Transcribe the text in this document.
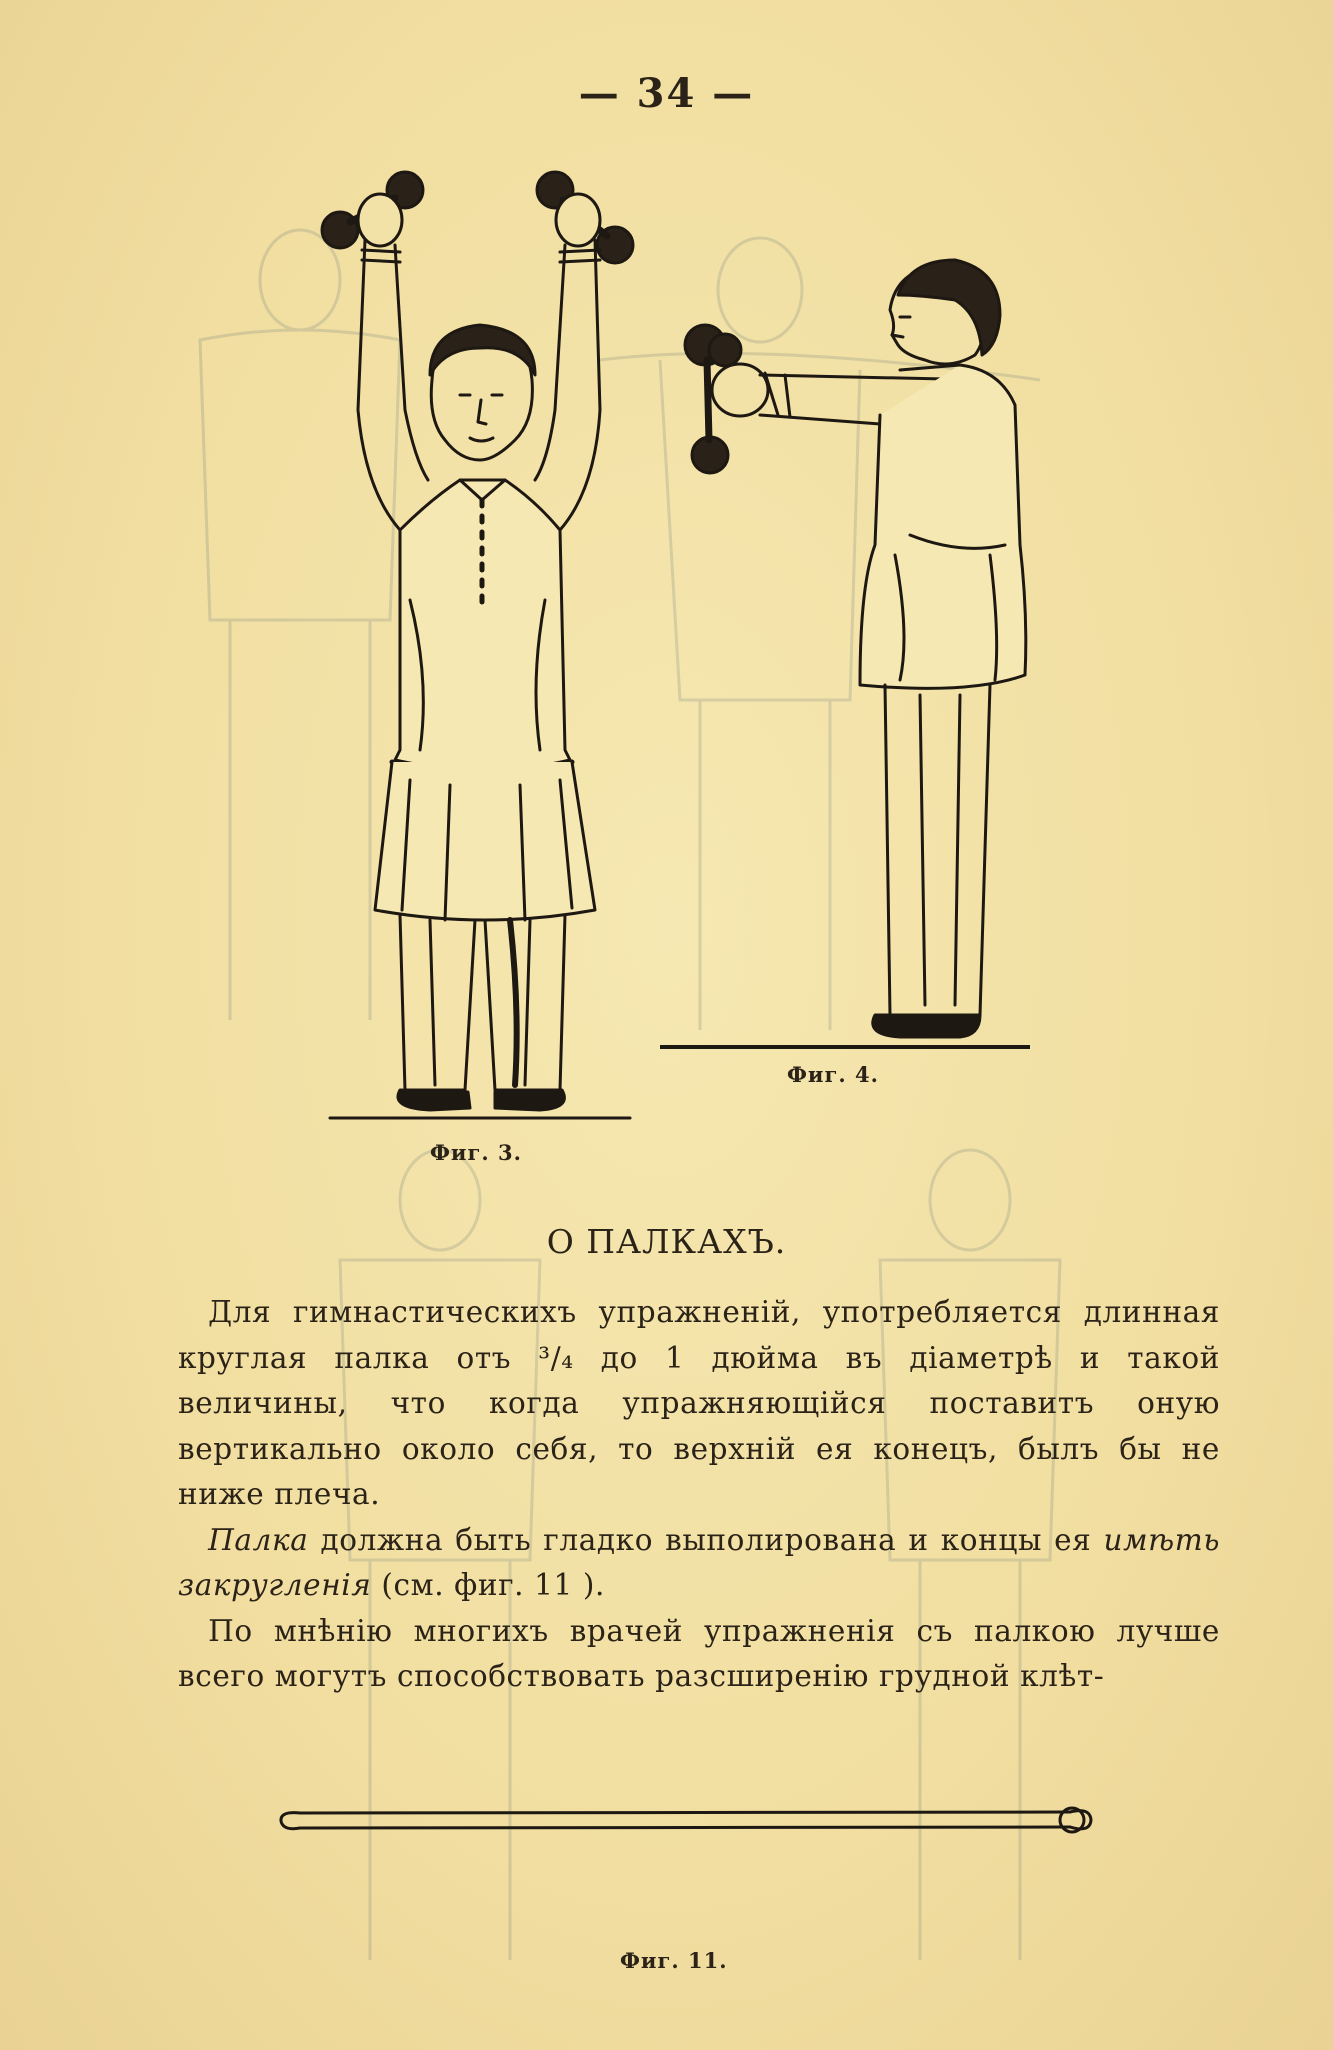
— 34 —
Фиг. 3.
Фиг. 4.
О ПАЛКАХЪ.

 Для гимнастическихъ упражненій, употребляется длинная круглая палка отъ ³/₄ до 1 дюйма въ діаметрѣ и такой величины, что когда упражняющійся поставитъ оную вертикально около себя, то верхній ея конецъ, былъ бы не ниже плеча.

 Палка должна быть гладко выполирована и концы ея имѣть закругленія (см. фиг. 11 ).

 По мнѣнію многихъ врачей упражненія съ палкою лучше всего могутъ способствовать разсширенію грудной клѣт-

Фиг. 11.
